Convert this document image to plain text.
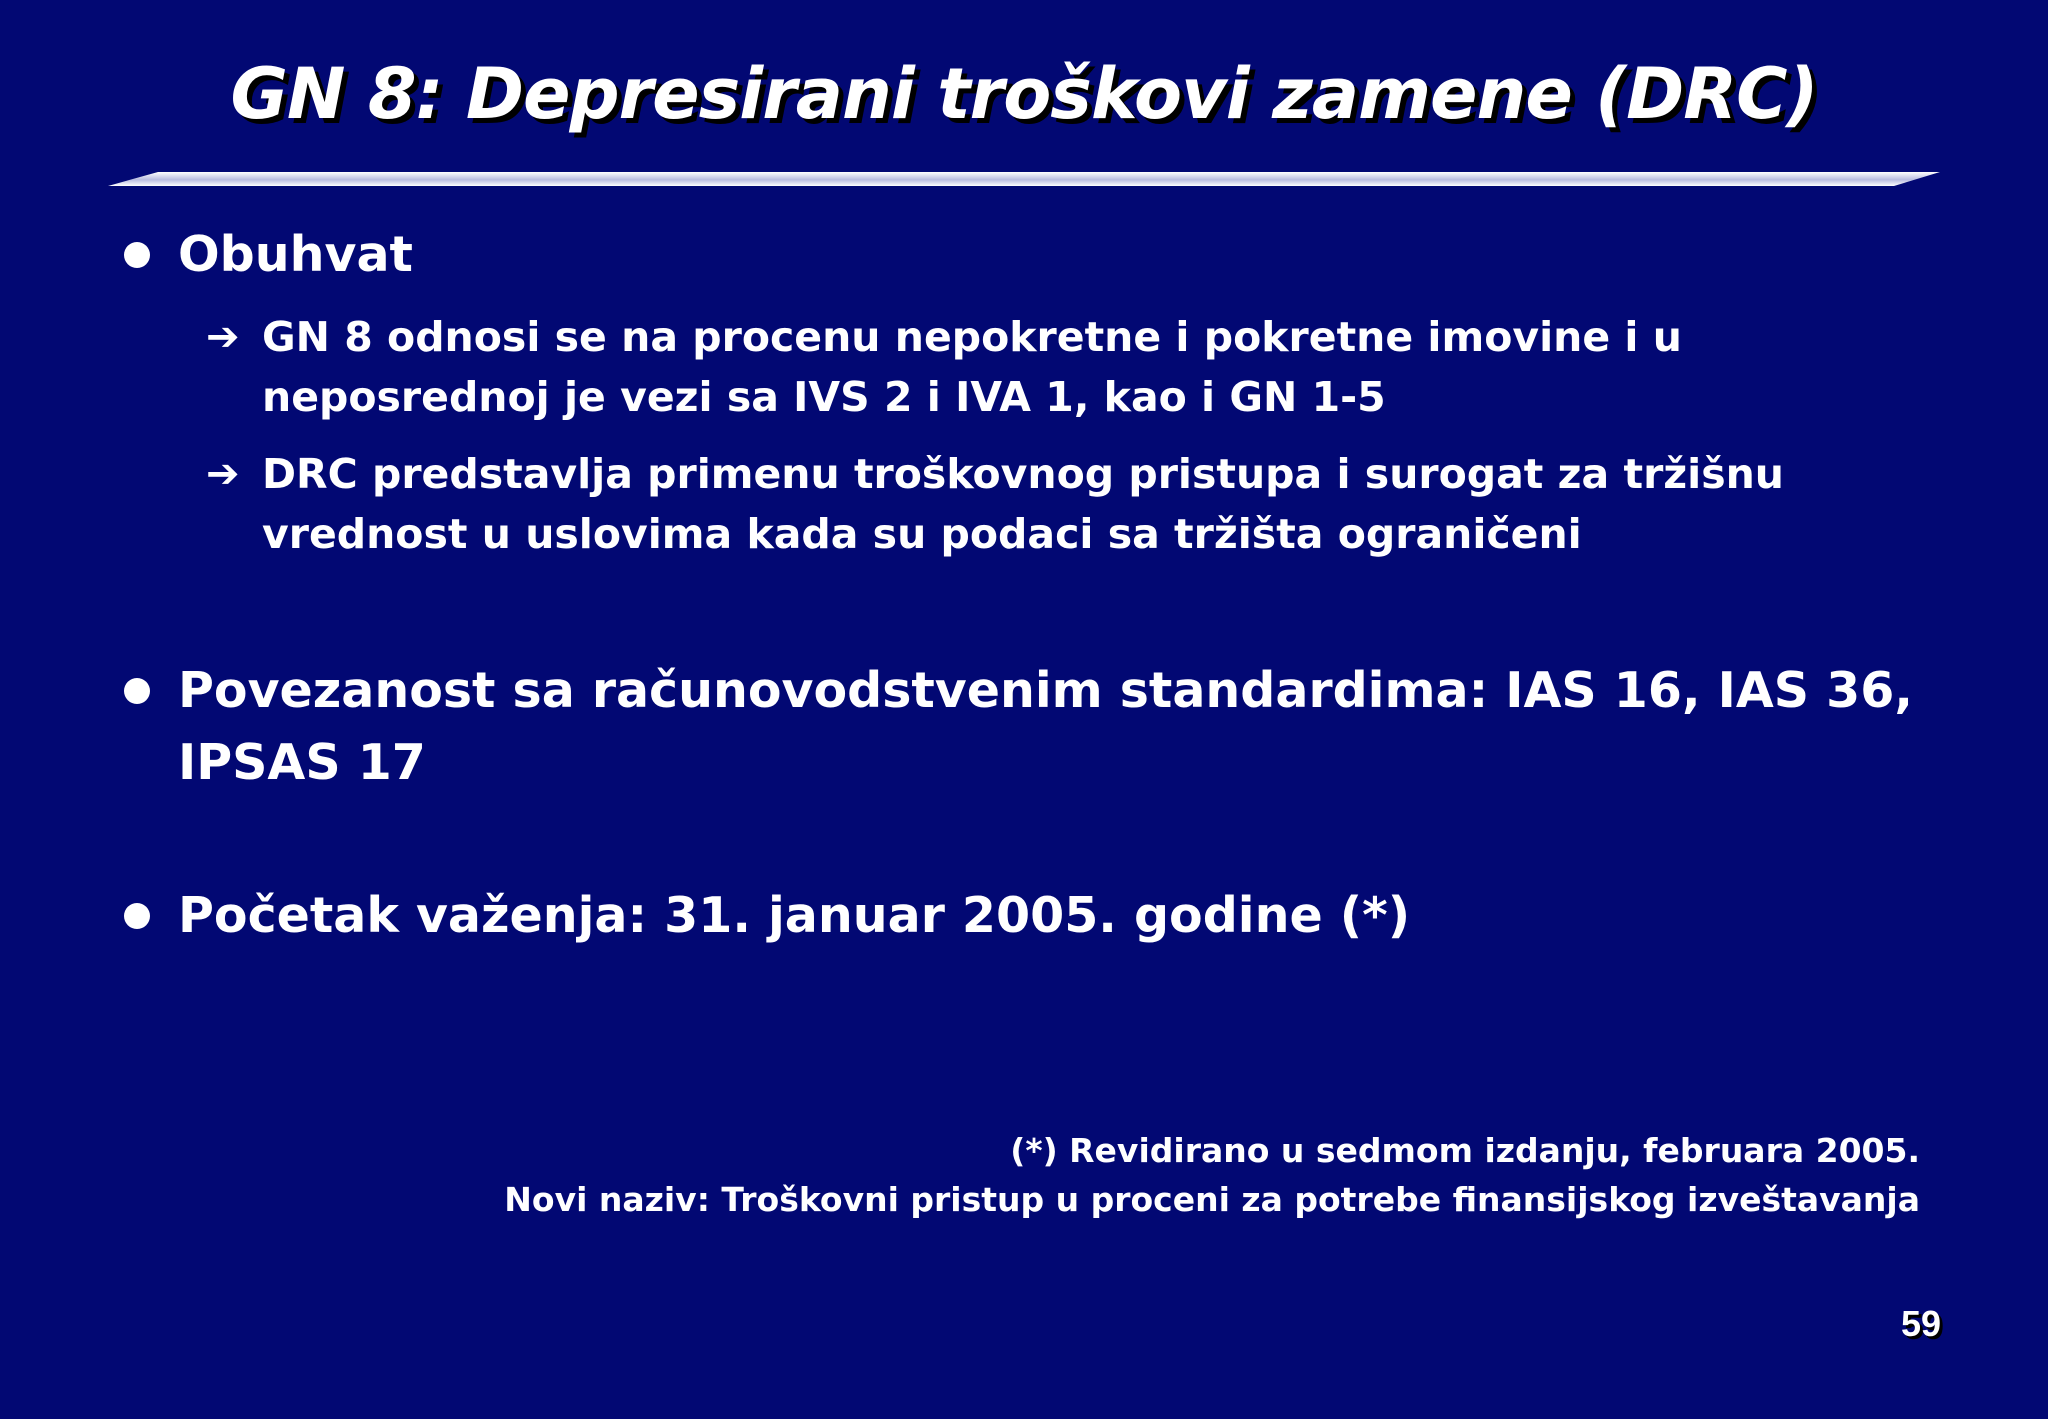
GN 8: Depresirani troškovi zamene (DRC)
Obuhvat
➔ GN 8 odnosi se na procenu nepokretne i pokretne imovine i u
neposrednoj je vezi sa IVS 2 i IVA 1, kao i GN 1-5
➔ DRC predstavlja primenu troškovnog pristupa i surogat za tržišnu
vrednost u uslovima kada su podaci sa tržišta ograničeni
Povezanost sa računovodstvenim standardima: IAS 16, IAS 36,
IPSAS 17
Početak važenja: 31. januar 2005. godine (*)
(*) Revidirano u sedmom izdanju, februara 2005.
Novi naziv: Troškovni pristup u proceni za potrebe finansijskog izveštavanja
59
